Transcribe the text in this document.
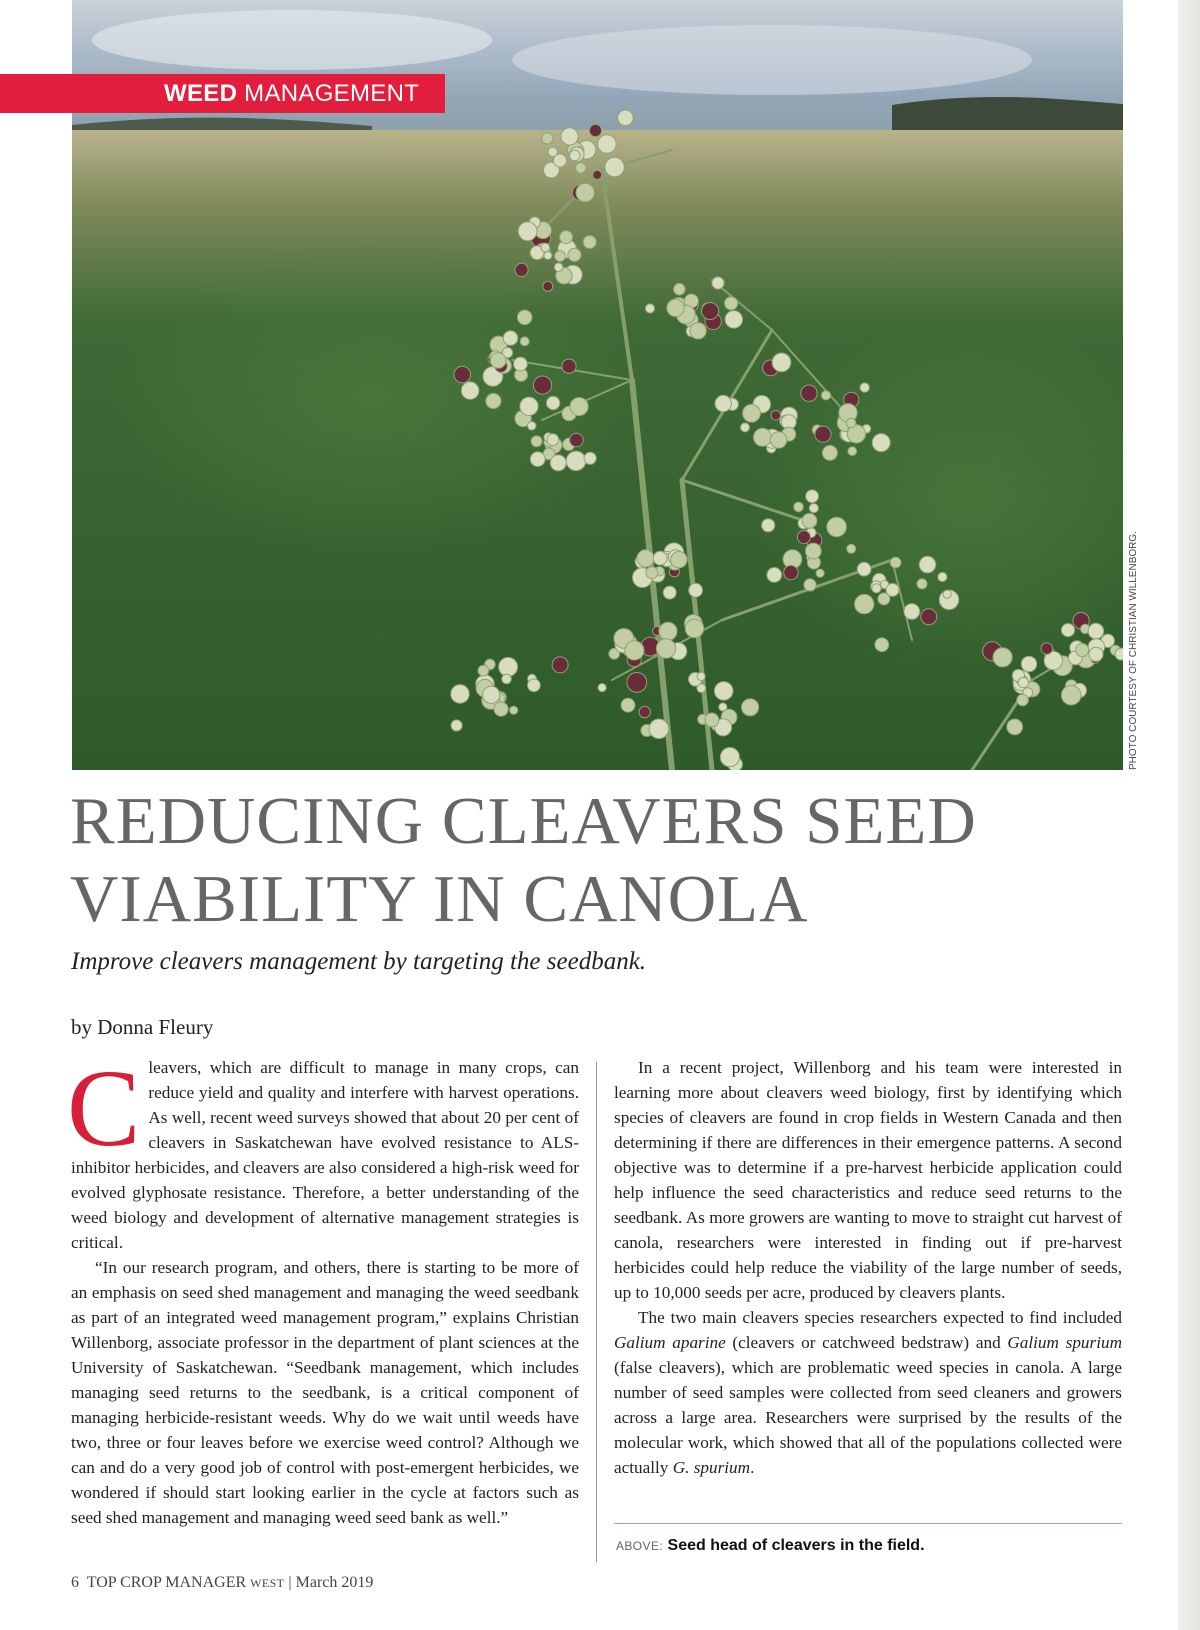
WEED MANAGEMENT
PHOTO COURTESY OF CHRISTIAN WILLENBORG.
REDUCING CLEAVERS SEED
VIABILITY IN CANOLA

Improve cleavers management by targeting the seedbank.

by Donna Fleury

Cleavers, which are difficult to manage in many crops, can reduce yield and quality and interfere with harvest operations. As well, recent weed surveys showed that about 20 per cent of cleavers in Saskatchewan have evolved resistance to ALS-inhibitor herbicides, and cleavers are also considered a high-risk weed for evolved glyphosate resistance. Therefore, a better understanding of the weed biology and development of alternative management strategies is critical.

“In our research program, and others, there is starting to be more of an emphasis on seed shed management and managing the weed seedbank as part of an integrated weed management program,” explains Christian Willenborg, associate professor in the department of plant sciences at the University of Saskatchewan. “Seedbank management, which includes managing seed returns to the seedbank, is a critical component of managing herbicide-resistant weeds. Why do we wait until weeds have two, three or four leaves before we exercise weed control? Although we can and do a very good job of control with post-emergent herbicides, we wondered if should start looking earlier in the cycle at factors such as seed shed management and managing weed seed bank as well.”

In a recent project, Willenborg and his team were interested in learning more about cleavers weed biology, first by identifying which species of cleavers are found in crop fields in Western Canada and then determining if there are differences in their emergence patterns. A second objective was to determine if a pre-harvest herbicide application could help influence the seed characteristics and reduce seed returns to the seedbank. As more growers are wanting to move to straight cut harvest of canola, researchers were interested in finding out if pre-harvest herbicides could help reduce the viability of the large number of seeds, up to 10,000 seeds per acre, produced by cleavers plants.

The two main cleavers species researchers expected to find included Galium aparine (cleavers or catchweed bedstraw) and Galium spurium (false cleavers), which are problematic weed species in canola. A large number of seed samples were collected from seed cleaners and growers across a large area. Researchers were surprised by the results of the molecular work, which showed that all of the populations collected were actually G. spurium.

ABOVE: Seed head of cleavers in the field.
6 TOP CROP MANAGER WEST | March 2019
